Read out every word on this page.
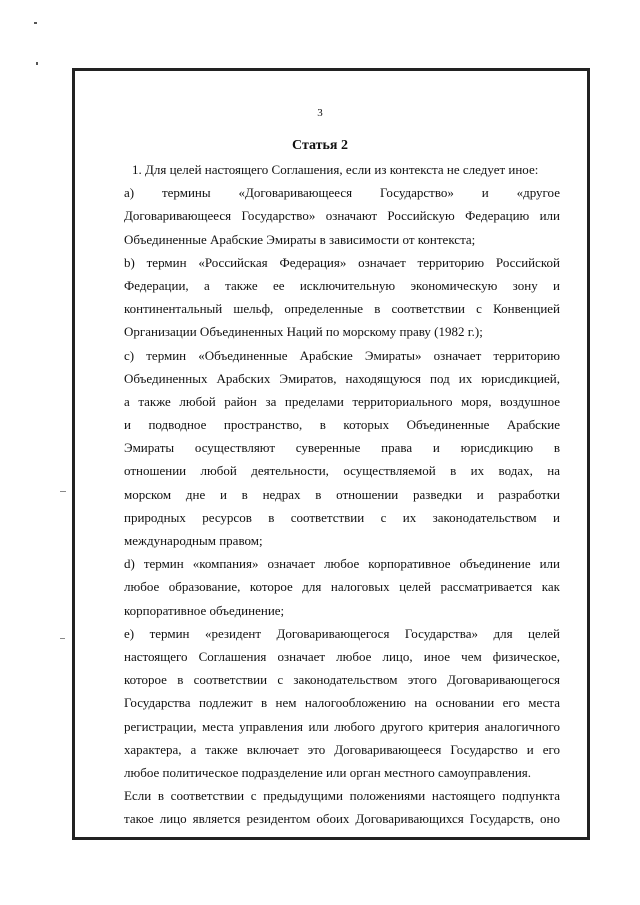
3
Статья 2
1. Для целей настоящего Соглашения, если из контекста не следует иное:
a) термины «Договаривающееся Государство» и «другое
Договаривающееся Государство» означают Российскую Федерацию или
Объединенные Арабские Эмираты в зависимости от контекста;
b) термин «Российская Федерация» означает территорию Российской
Федерации, а также ее исключительную экономическую зону и
континентальный шельф, определенные в соответствии с Конвенцией
Организации Объединенных Наций по морскому праву (1982 г.);
c) термин «Объединенные Арабские Эмираты» означает территорию
Объединенных Арабских Эмиратов, находящуюся под их юрисдикцией,
а также любой район за пределами территориального моря, воздушное
и подводное пространство, в которых Объединенные Арабские
Эмираты осуществляют суверенные права и юрисдикцию в
отношении любой деятельности, осуществляемой в их водах, на
морском дне и в недрах в отношении разведки и разработки
природных ресурсов в соответствии с их законодательством и
международным правом;
d) термин «компания» означает любое корпоративное объединение или
любое образование, которое для налоговых целей рассматривается как
корпоративное объединение;
e) термин «резидент Договаривающегося Государства» для целей
настоящего Соглашения означает любое лицо, иное чем физическое,
которое в соответствии с законодательством этого Договаривающегося
Государства подлежит в нем налогообложению на основании его места
регистрации, места управления или любого другого критерия аналогичного
характера, а также включает это Договаривающееся Государство и его
любое политическое подразделение или орган местного самоуправления.
Если в соответствии с предыдущими положениями настоящего подпункта
такое лицо является резидентом обоих Договаривающихся Государств, оно
